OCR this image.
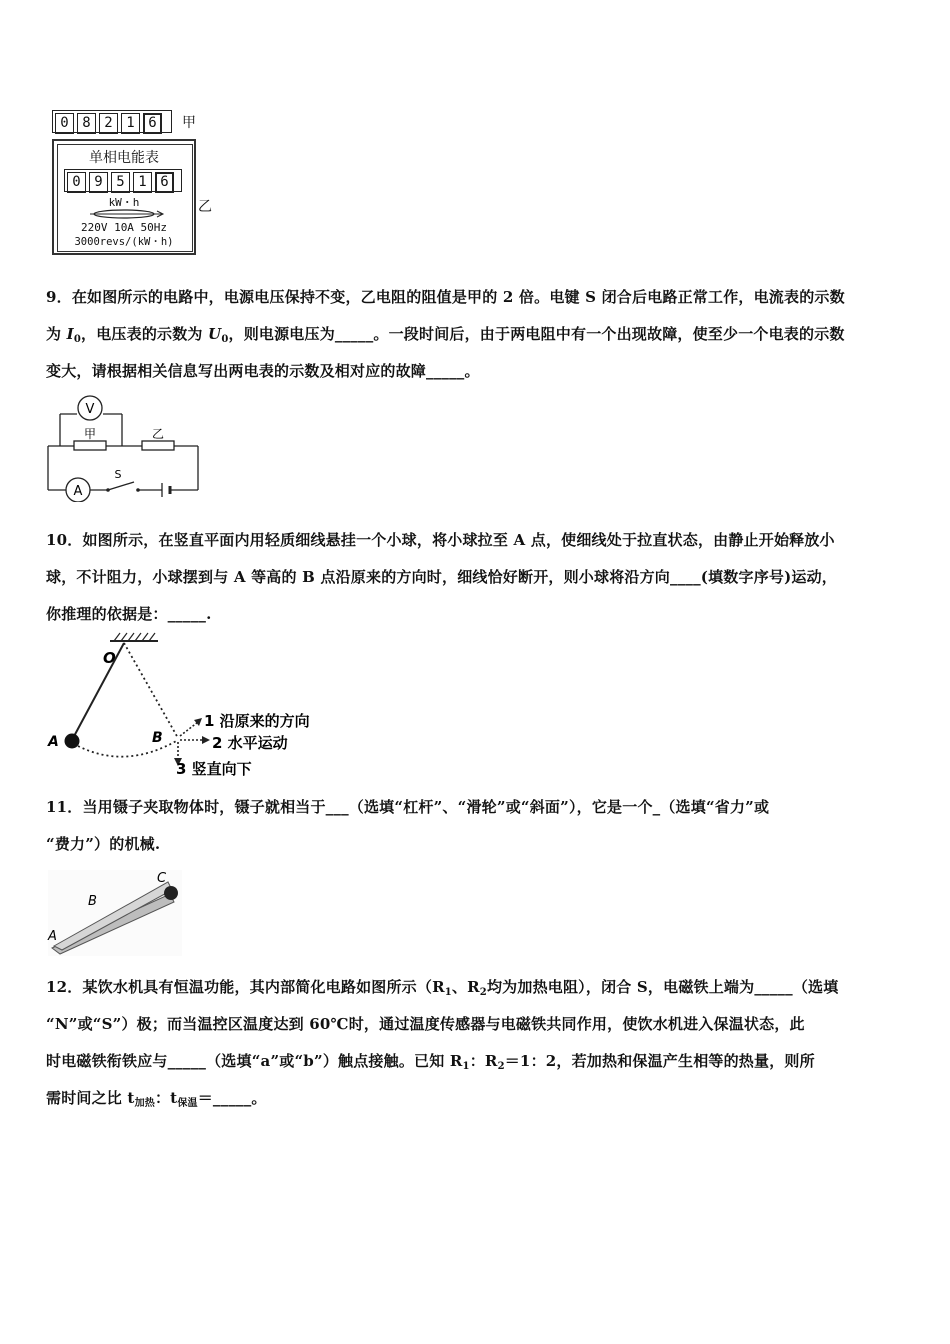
0 8 2 1 6	甲
单相电能表
0 9 5 1 6
kW・h
220V 10A 50Hz
3000revs/(kW・h)
乙
9．在如图所示的电路中，电源电压保持不变，乙电阻的阻值是甲的 2 倍。电键 S 闭合后电路正常工作，电流表的示数
为 $I_0$，电压表的示数为 $U_0$，则电源电压为_____。一段时间后，由于两电阻中有一个出现故障，使至少一个电表的示数
变大，请根据相关信息写出两电表的示数及相对应的故障_____。
V
甲	乙
A
S
10．如图所示，在竖直平面内用轻质细线悬挂一个小球，将小球拉至 A 点，使细线处于拉直状态，由静止开始释放小
球，不计阻力，小球摆到与 A 等高的 B 点沿原来的方向时，细线恰好断开，则小球将沿方向____(填数字序号)运动，
你推理的依据是：_____.
O
A	B
1 沿原来的方向
2 水平运动
3 竖直向下
11．当用镊子夹取物体时，镊子就相当于___（选填“杠杆”、“滑轮”或“斜面”），它是一个_（选填“省力”或
“费力”）的机械.
A
B
C
12．某饮水机具有恒温功能，其内部简化电路如图所示（$R_1$、$R_2$均为加热电阻），闭合 S，电磁铁上端为_____（选填
“N”或“S”）极；而当温控区温度达到 60℃时，通过温度传感器与电磁铁共同作用，使饮水机进入保温状态，此
时电磁铁衔铁应与_____（选填“a”或“b”）触点接触。已知 $R_1$：$R_2=1$：2，若加热和保温产生相等的热量，则所
需时间之比 $t_{加热}$：$t_{保温}=\_\_\_\_\_$。
